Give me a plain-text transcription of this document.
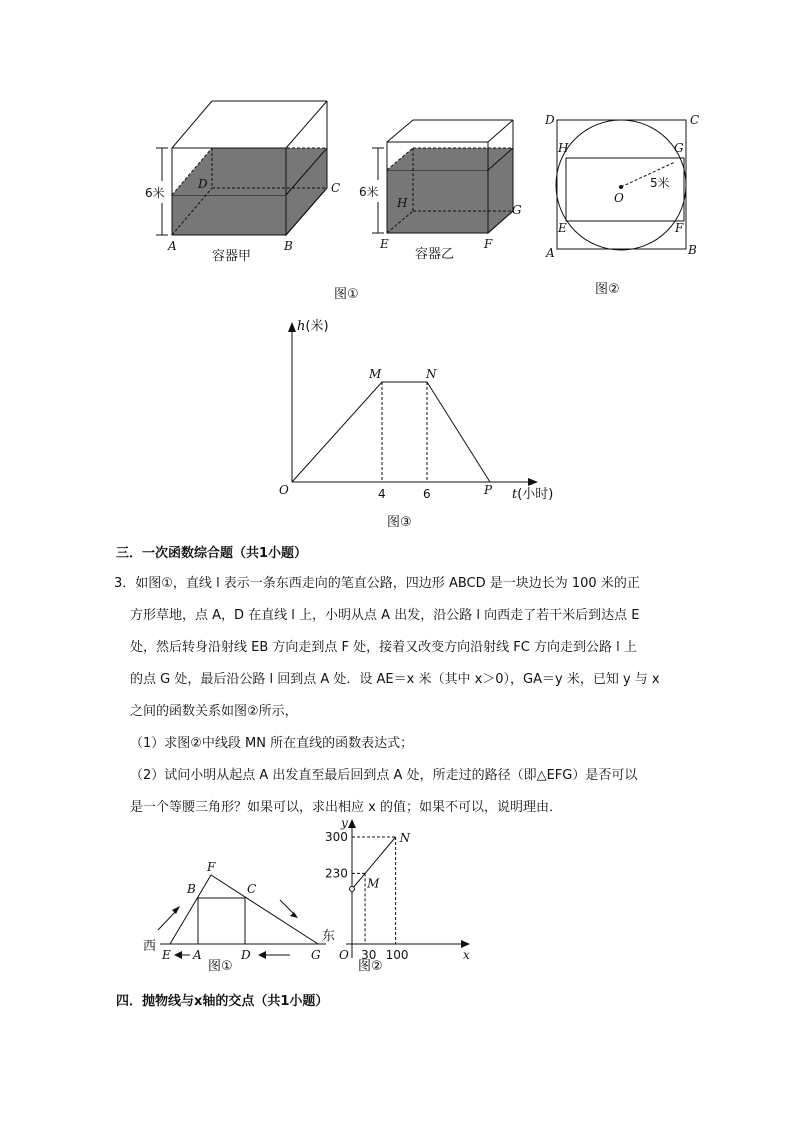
6米
A	B
C
D
容器甲
6米
E	F
G
H
容器乙
图①
D	C
A	B
H	G
E	F
O
5米
图②
h(米)
t(小时)
O
M	N
P
4	6
图③
三．一次函数综合题（共1小题）

3．如图①，直线 l 表示一条东西走向的笔直公路，四边形 ABCD 是一块边长为 100 米的正

方形草地，点 A，D 在直线 l 上，小明从点 A 出发，沿公路 l 向西走了若干米后到达点 E

处，然后转身沿射线 EB 方向走到点 F 处，接着又改变方向沿射线 FC 方向走到公路 l 上

的点 G 处，最后沿公路 l 回到点 A 处．设 AE＝x 米（其中 x＞0），GA＝y 米，已知 y 与 x

之间的函数关系如图②所示，

（1）求图②中线段 MN 所在直线的函数表达式；

（2）试问小明从起点 A 出发直至最后回到点 A 处，所走过的路径（即△EFG）是否可以

是一个等腰三角形？如果可以，求出相应 x 的值；如果不可以，说明理由．

西
东
F
B	C
E A	D	G
图①
30 100
230
300
x
y
O
M
N
图②
四．抛物线与x轴的交点（共1小题）
